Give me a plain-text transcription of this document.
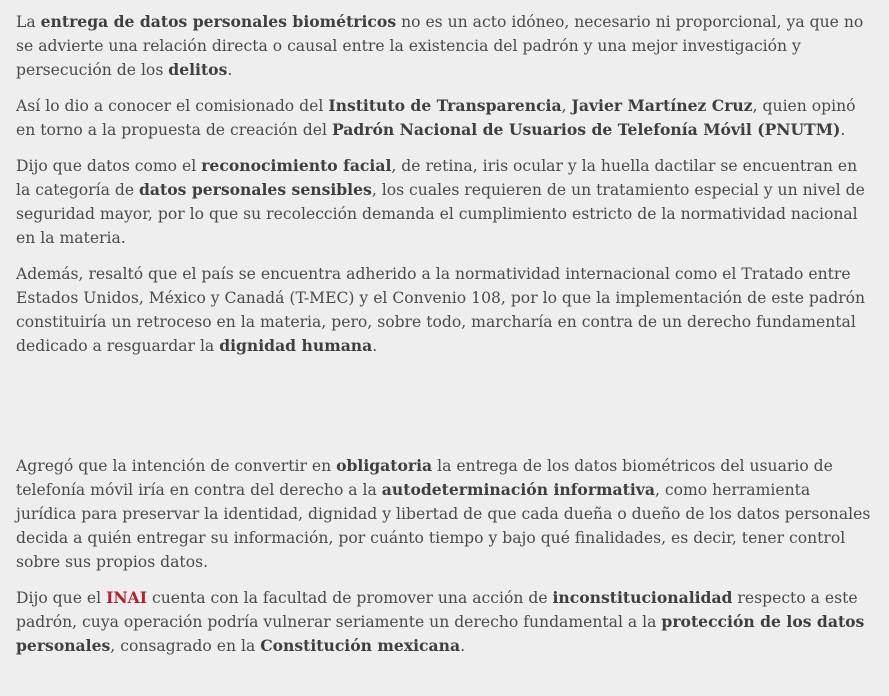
La entrega de datos personales biométricos no es un acto idóneo, necesario ni proporcional, ya que no se advierte una relación directa o causal entre la existencia del padrón y una mejor investigación y persecución de los delitos.

Así lo dio a conocer el comisionado del Instituto de Transparencia, Javier Martínez Cruz, quien opinó en torno a la propuesta de creación del Padrón Nacional de Usuarios de Telefonía Móvil (PNUTM).

Dijo que datos como el reconocimiento facial, de retina, iris ocular y la huella dactilar se encuentran en la categoría de datos personales sensibles, los cuales requieren de un tratamiento especial y un nivel de seguridad mayor, por lo que su recolección demanda el cumplimiento estricto de la normatividad nacional en la materia.

Además, resaltó que el país se encuentra adherido a la normatividad internacional como el Tratado entre Estados Unidos, México y Canadá (T-MEC) y el Convenio 108, por lo que la implementación de este padrón constituiría un retroceso en la materia, pero, sobre todo, marcharía en contra de un derecho fundamental dedicado a resguardar la dignidad humana.

Agregó que la intención de convertir en obligatoria la entrega de los datos biométricos del usuario de telefonía móvil iría en contra del derecho a la autodeterminación informativa, como herramienta jurídica para preservar la identidad, dignidad y libertad de que cada dueña o dueño de los datos personales decida a quién entregar su información, por cuánto tiempo y bajo qué finalidades, es decir, tener control sobre sus propios datos.

Dijo que el INAI cuenta con la facultad de promover una acción de inconstitucionalidad respecto a este padrón, cuya operación podría vulnerar seriamente un derecho fundamental a la protección de los datos personales, consagrado en la Constitución mexicana.
